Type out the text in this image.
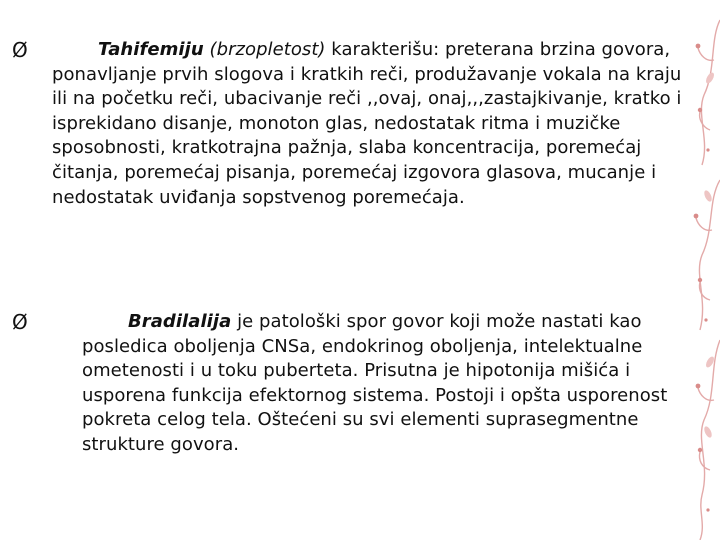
Ø	Tahifemiju (brzopletost) karakterišu: preterana brzina govora, ponavljanje prvih slogova i kratkih reči, produžavanje vokala na kraju ili na početku reči, ubacivanje reči ,,ovaj, onaj,,,zastajkivanje, kratko i isprekidano disanje, monoton glas, nedostatak ritma i muzičke sposobnosti, kratkotrajna pažnja, slaba koncentracija, poremećaj čitanja, poremećaj pisanja, poremećaj izgovora glasova, mucanje i nedostatak uviđanja sopstvenog poremećaja.

Ø	Bradilalija je patološki spor govor koji može nastati kao posledica oboljenja CNSa, endokrinog oboljenja, intelektualne ometenosti i u toku puberteta. Prisutna je hipotonija mišića i usporena funkcija efektornog sistema. Postoji i opšta usporenost pokreta celog tela. Oštećeni su svi elementi suprasegmentne strukture govora.
